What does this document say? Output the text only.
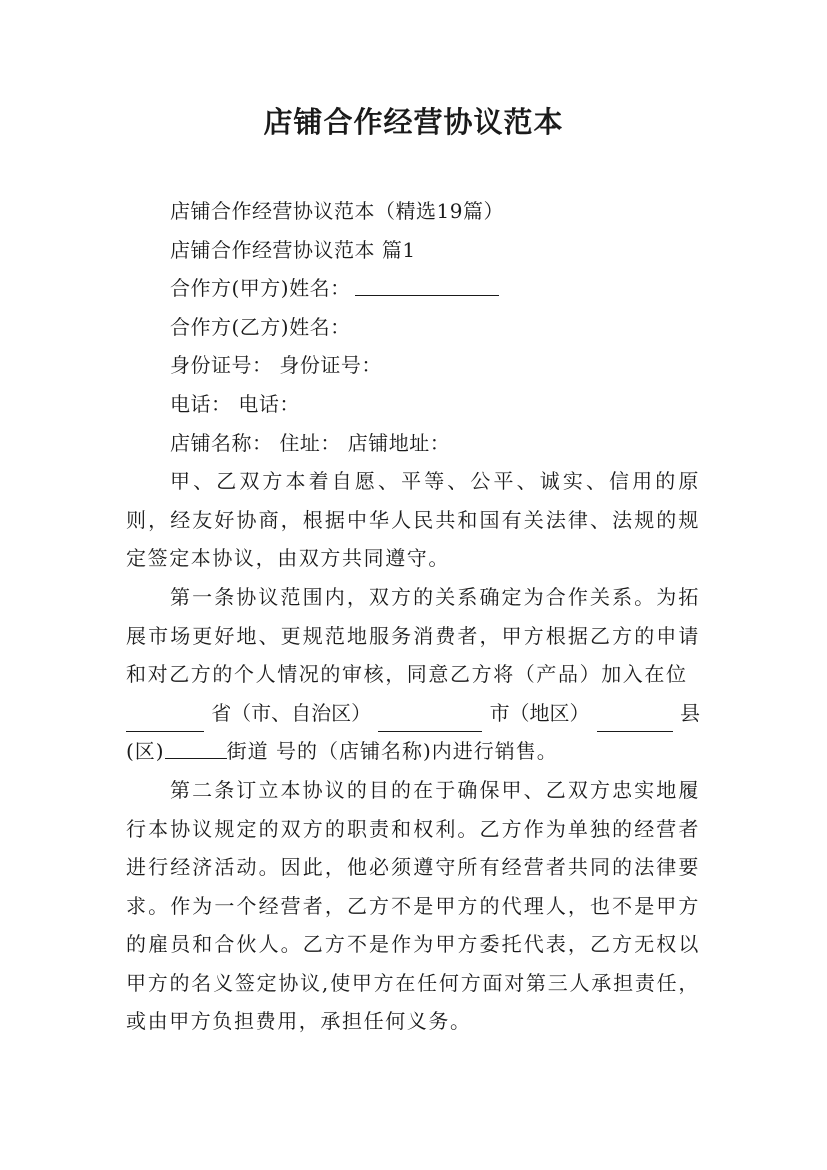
店铺合作经营协议范本
店铺合作经营协议范本（精选19篇）
店铺合作经营协议范本 篇1
合作方(甲方)姓名：
合作方(乙方)姓名：
身份证号： 身份证号：
电话： 电话：
店铺名称： 住址： 店铺地址：

甲、乙双方本着自愿、平等、公平、诚实、信用的原则，经友好协商，根据中华人民共和国有关法律、法规的规定签定本协议，由双方共同遵守。

第一条协议范围内，双方的关系确定为合作关系。为拓展市场更好地、更规范地服务消费者，甲方根据乙方的申请和对乙方的个人情况的审核，同意乙方将（产品）加入在位

省（市、自治区）	市（地区）	县
(区)	街道 号的（店铺名称)内进行销售。

第二条订立本协议的目的在于确保甲、乙双方忠实地履行本协议规定的双方的职责和权利。乙方作为单独的经营者进行经济活动。因此，他必须遵守所有经营者共同的法律要求。作为一个经营者，乙方不是甲方的代理人，也不是甲方的雇员和合伙人。乙方不是作为甲方委托代表，乙方无权以甲方的名义签定协议,使甲方在任何方面对第三人承担责任，或由甲方负担费用，承担任何义务。
